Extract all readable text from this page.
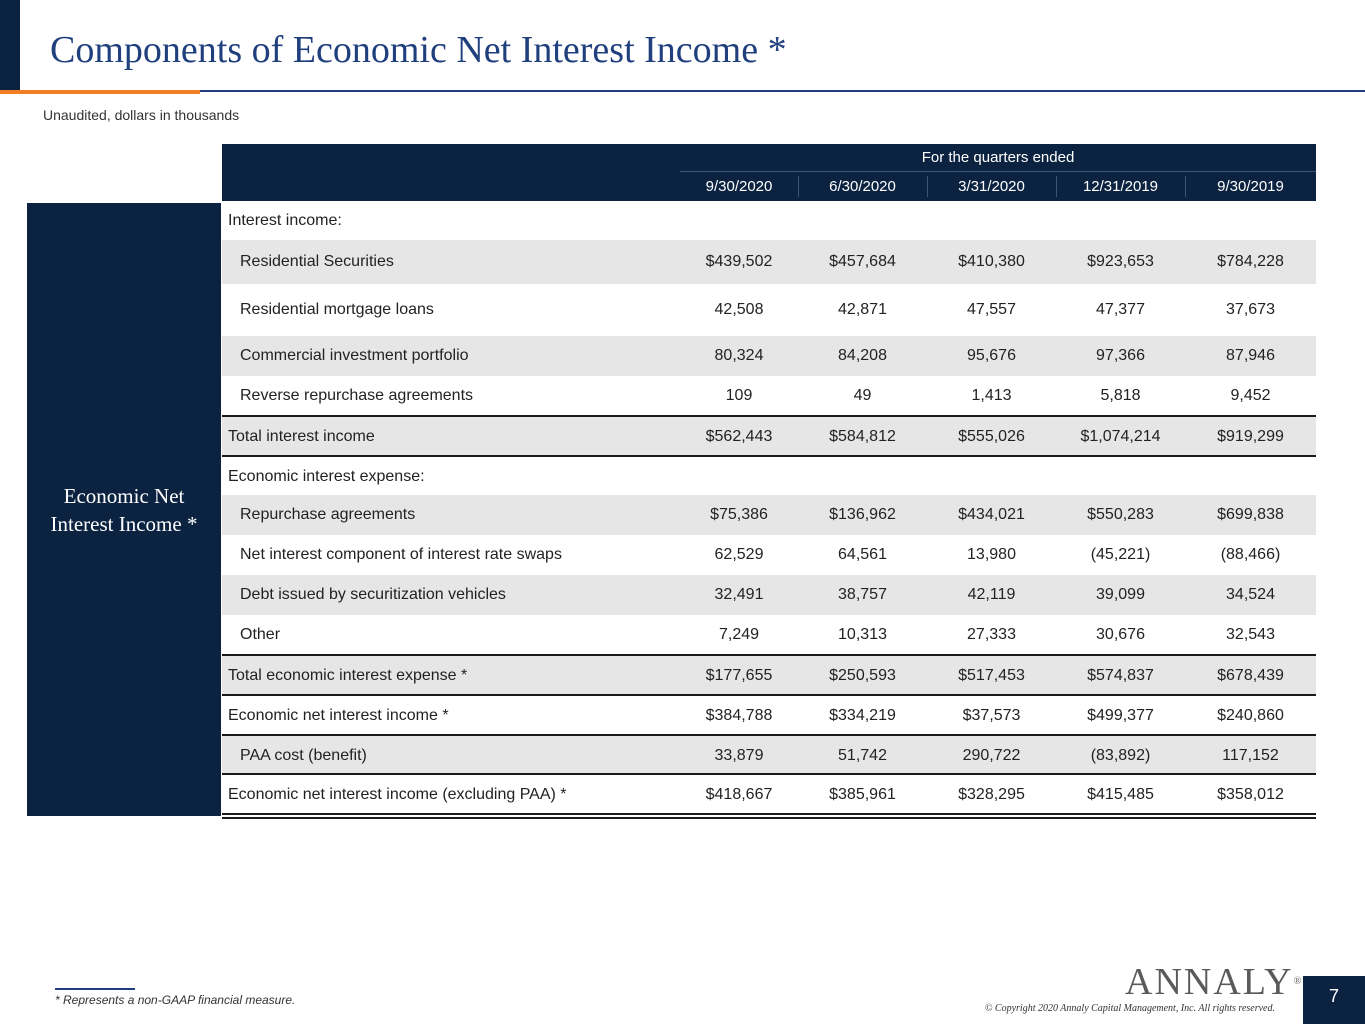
Components of Economic Net Interest Income *
Unaudited, dollars in thousands
Economic Net
Interest Income *
For the quarters ended
9/30/2020	6/30/2020	3/31/2020	12/31/2019	9/30/2019
Interest income:
Residential Securities	$439,502	$457,684	$410,380	$923,653	$784,228
Residential mortgage loans	42,508	42,871	47,557	47,377	37,673
Commercial investment portfolio	80,324	84,208	95,676	97,366	87,946
Reverse repurchase agreements	109	49	1,413	5,818	9,452
Total interest income	$562,443	$584,812	$555,026	$1,074,214	$919,299
Economic interest expense:
Repurchase agreements	$75,386	$136,962	$434,021	$550,283	$699,838
Net interest component of interest rate swaps	62,529	64,561	13,980	(45,221)	(88,466)
Debt issued by securitization vehicles	32,491	38,757	42,119	39,099	34,524
Other	7,249	10,313	27,333	30,676	32,543
Total economic interest expense *	$177,655	$250,593	$517,453	$574,837	$678,439
Economic net interest income *	$384,788	$334,219	$37,573	$499,377	$240,860
PAA cost (benefit)	33,879	51,742	290,722	(83,892)	117,152
Economic net interest income (excluding PAA) *	$418,667	$385,961	$328,295	$415,485	$358,012
* Represents a non-GAAP financial measure.	ANNALY®
© Copyright 2020 Annaly Capital Management, Inc. All rights reserved.
7
